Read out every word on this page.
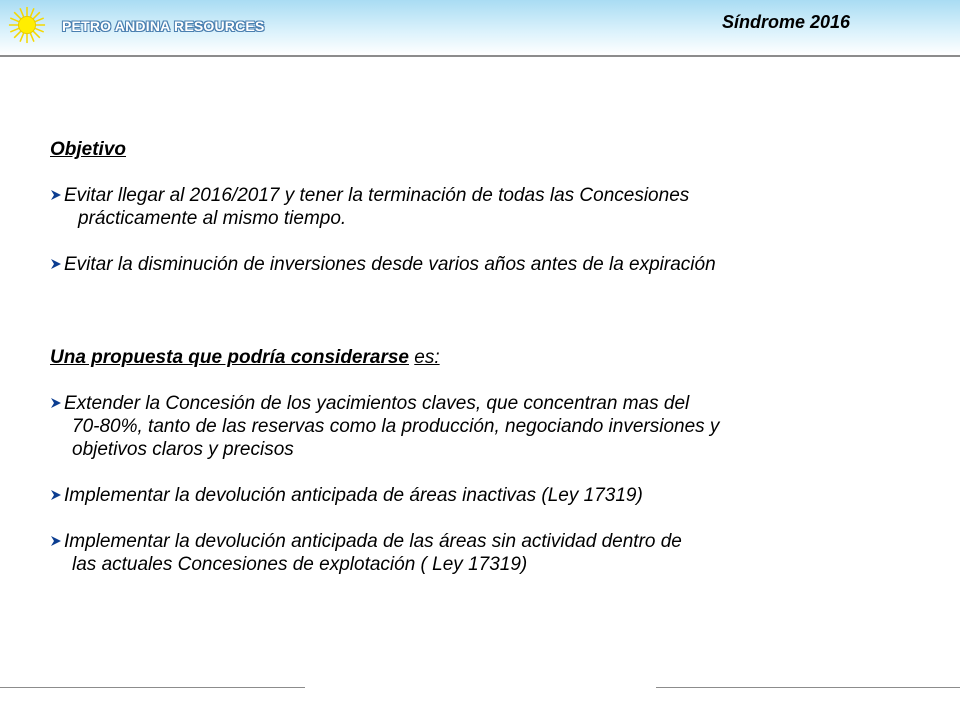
PETRO ANDINA RESOURCES	Síndrome 2016
Objetivo
Evitar llegar al 2016/2017 y tener la terminación de todas las Concesiones
prácticamente al mismo tiempo.
Evitar la disminución de inversiones desde varios años antes de la expiración
Una propuesta que podría considerarse es:
Extender la Concesión de los yacimientos claves, que concentran mas del
70-80%, tanto de las reservas como la producción, negociando inversiones y
objetivos claros y precisos
Implementar la devolución anticipada de áreas inactivas (Ley 17319)
Implementar la devolución anticipada de las áreas sin actividad dentro de
las actuales Concesiones de explotación ( Ley 17319)
